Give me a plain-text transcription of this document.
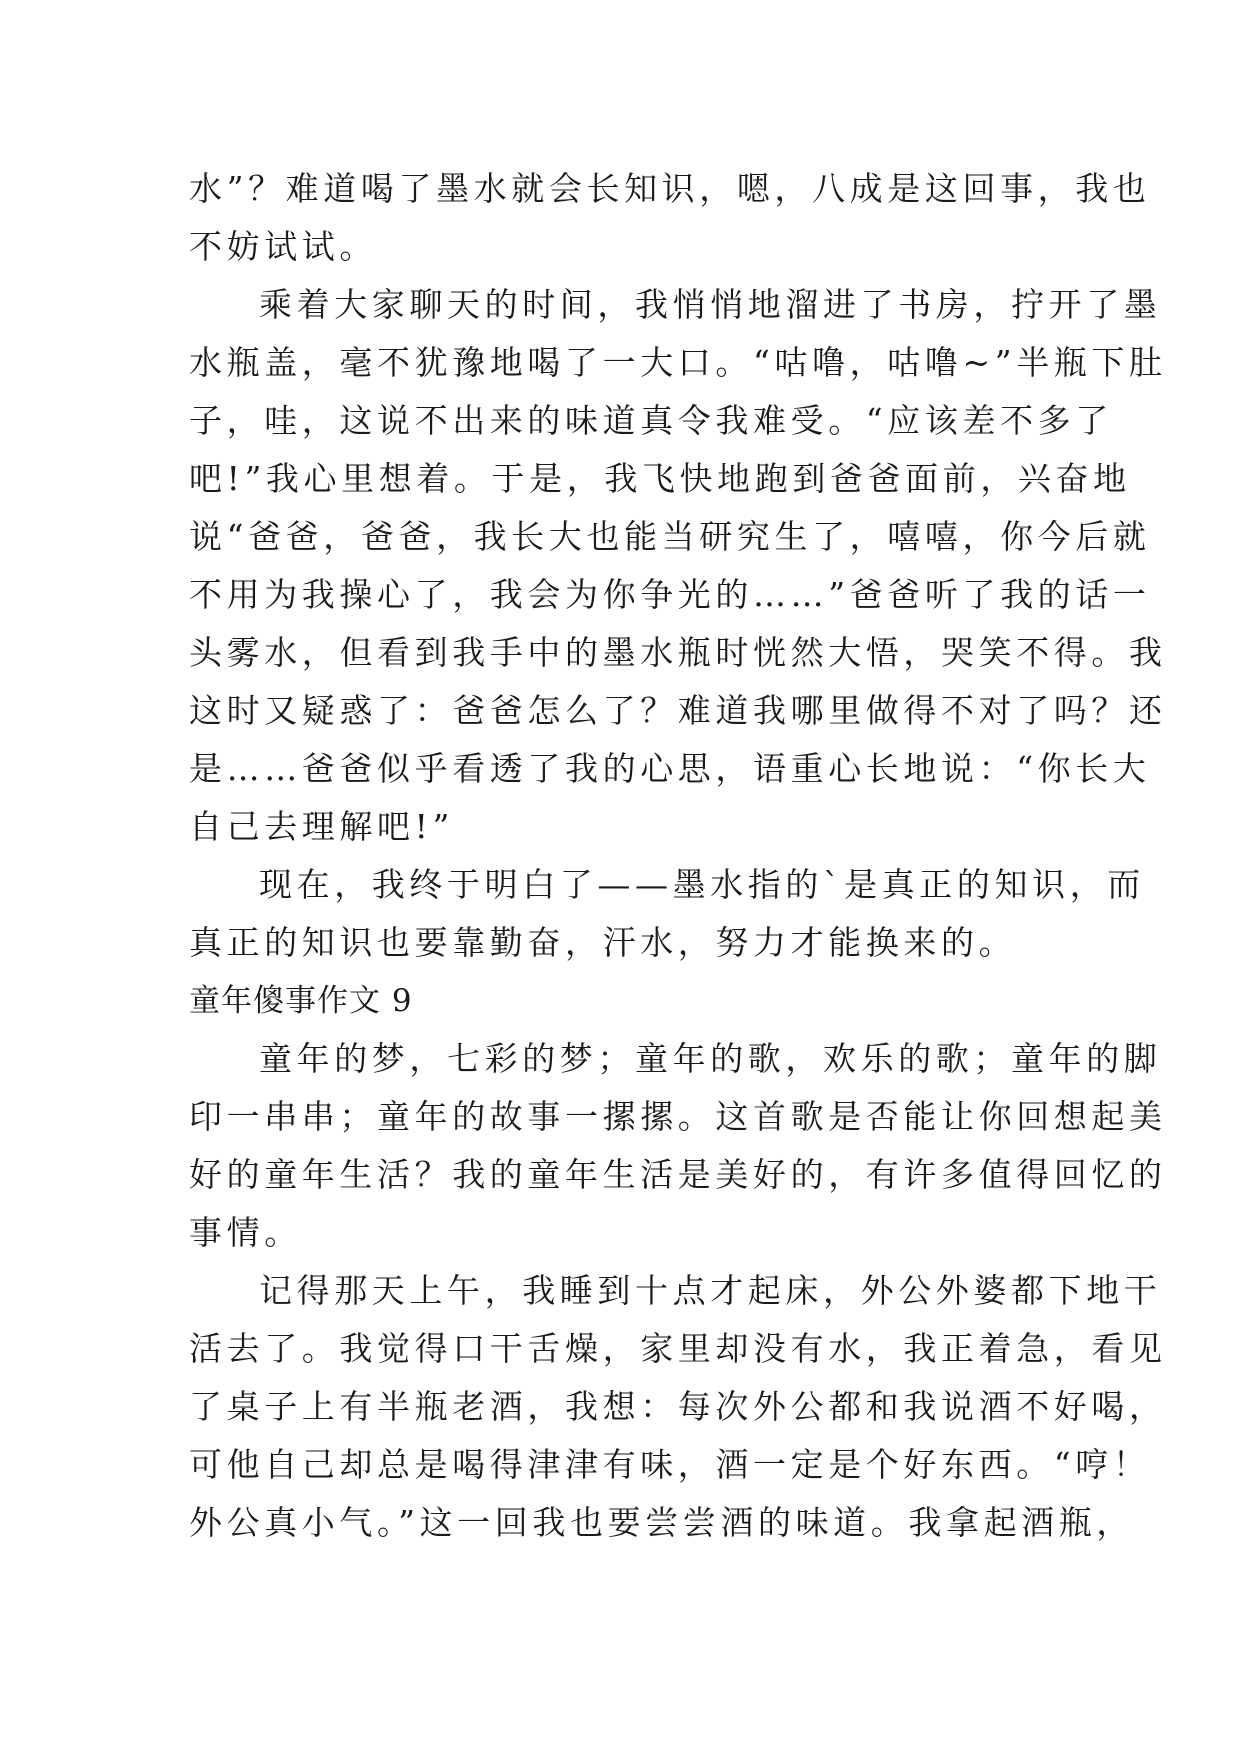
水”？难道喝了墨水就会长知识，嗯，八成是这回事，我也
不妨试试。
乘着大家聊天的时间，我悄悄地溜进了书房，拧开了墨
水瓶盖，毫不犹豫地喝了一大口。“咕噜，咕噜~”半瓶下肚
子，哇，这说不出来的味道真令我难受。“应该差不多了
吧!”我心里想着。于是，我飞快地跑到爸爸面前，兴奋地
说“爸爸，爸爸，我长大也能当研究生了，嘻嘻，你今后就
不用为我操心了，我会为你争光的……”爸爸听了我的话一
头雾水，但看到我手中的墨水瓶时恍然大悟，哭笑不得。我
这时又疑惑了：爸爸怎么了？难道我哪里做得不对了吗？还
是……爸爸似乎看透了我的心思，语重心长地说：“你长大
自己去理解吧!”
现在，我终于明白了——墨水指的`是真正的知识，而
真正的知识也要靠勤奋，汗水，努力才能换来的。
童年傻事作文 9
童年的梦，七彩的梦；童年的歌，欢乐的歌；童年的脚
印一串串；童年的故事一摞摞。这首歌是否能让你回想起美
好的童年生活？我的童年生活是美好的，有许多值得回忆的
事情。
记得那天上午，我睡到十点才起床，外公外婆都下地干
活去了。我觉得口干舌燥，家里却没有水，我正着急，看见
了桌子上有半瓶老酒，我想：每次外公都和我说酒不好喝，
可他自己却总是喝得津津有味，酒一定是个好东西。“哼！
外公真小气。”这一回我也要尝尝酒的味道。我拿起酒瓶，
